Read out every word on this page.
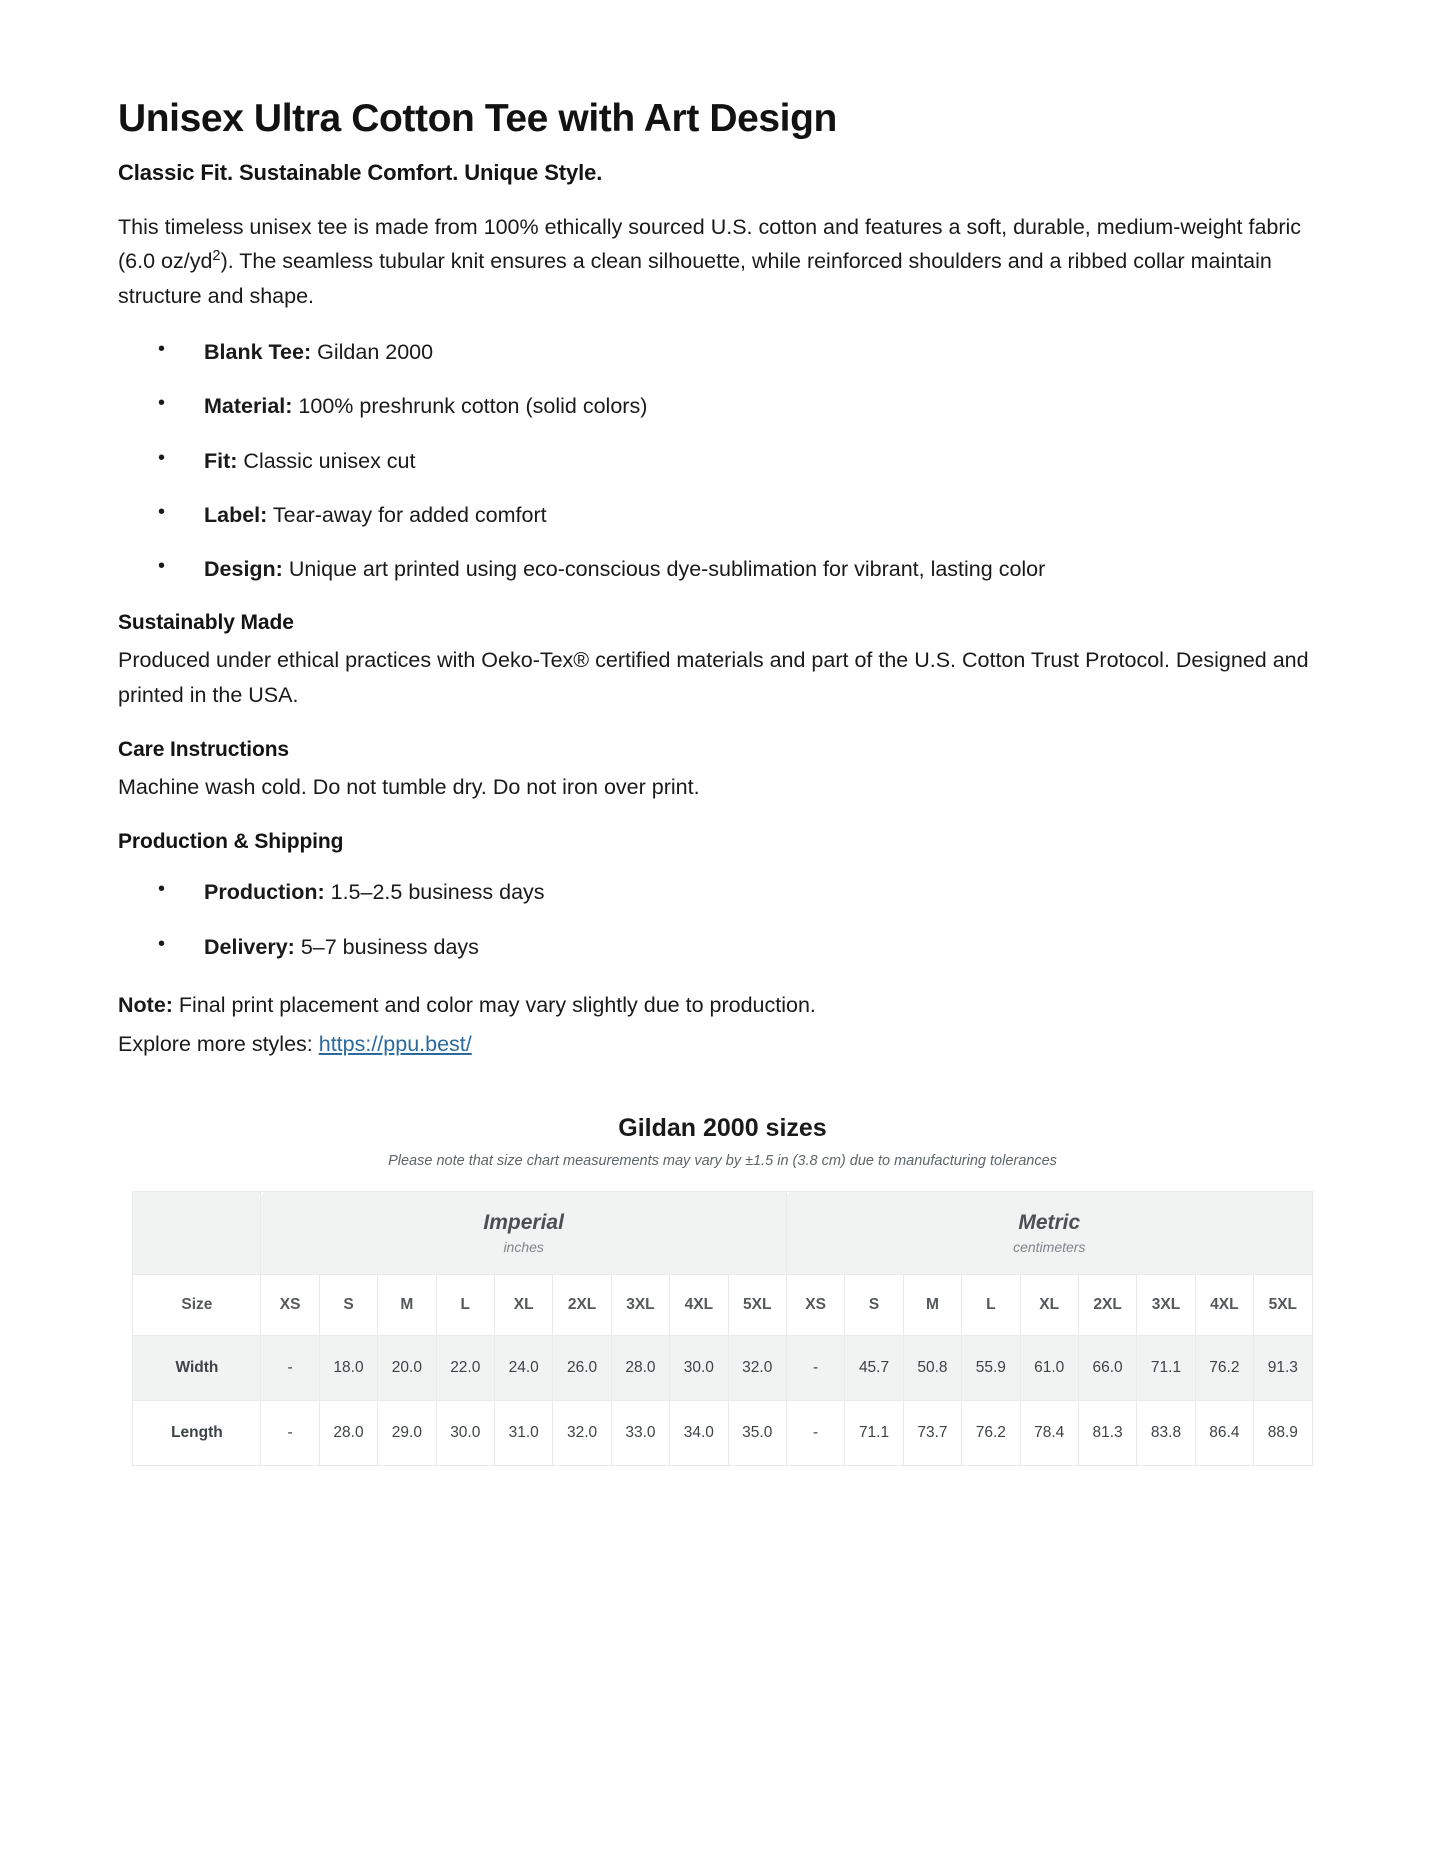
Unisex Ultra Cotton Tee with Art Design
Classic Fit. Sustainable Comfort. Unique Style.

This timeless unisex tee is made from 100% ethically sourced U.S. cotton and features a soft, durable, medium-weight fabric (6.0 $oz/yd^2$). The seamless tubular knit ensures a clean silhouette, while reinforced shoulders and a ribbed collar maintain structure and shape.

• Blank Tee: Gildan 2000
• Material: 100% preshrunk cotton (solid colors)
• Fit: Classic unisex cut
• Label: Tear-away for added comfort
• Design: Unique art printed using eco-conscious dye-sublimation for vibrant, lasting color
Sustainably Made

Produced under ethical practices with Oeko-Tex® certified materials and part of the U.S. Cotton Trust Protocol. Designed and printed in the USA.

Care Instructions

Machine wash cold. Do not tumble dry. Do not iron over print.

Production & Shipping
• Production: 1.5–2.5 business days
• Delivery: 5–7 business days

Note: Final print placement and color may vary slightly due to production.

Explore more styles: https://ppu.best/

Gildan 2000 sizes
Please note that size chart measurements may vary by ±1.5 in (3.8 cm) due to manufacturing tolerances

	Imperial
inches									Metric
centimeters								

Size	XS	S	M	L	XL	2XL	3XL	4XL	5XL	XS	S	M	L	XL	2XL	3XL	4XL	5XL
Width	-	18.0	20.0	22.0	24.0	26.0	28.0	30.0	32.0	-	45.7	50.8	55.9	61.0	66.0	71.1	76.2	91.3
Length	-	28.0	29.0	30.0	31.0	32.0	33.0	34.0	35.0	-	71.1	73.7	76.2	78.4	81.3	83.8	86.4	88.9
